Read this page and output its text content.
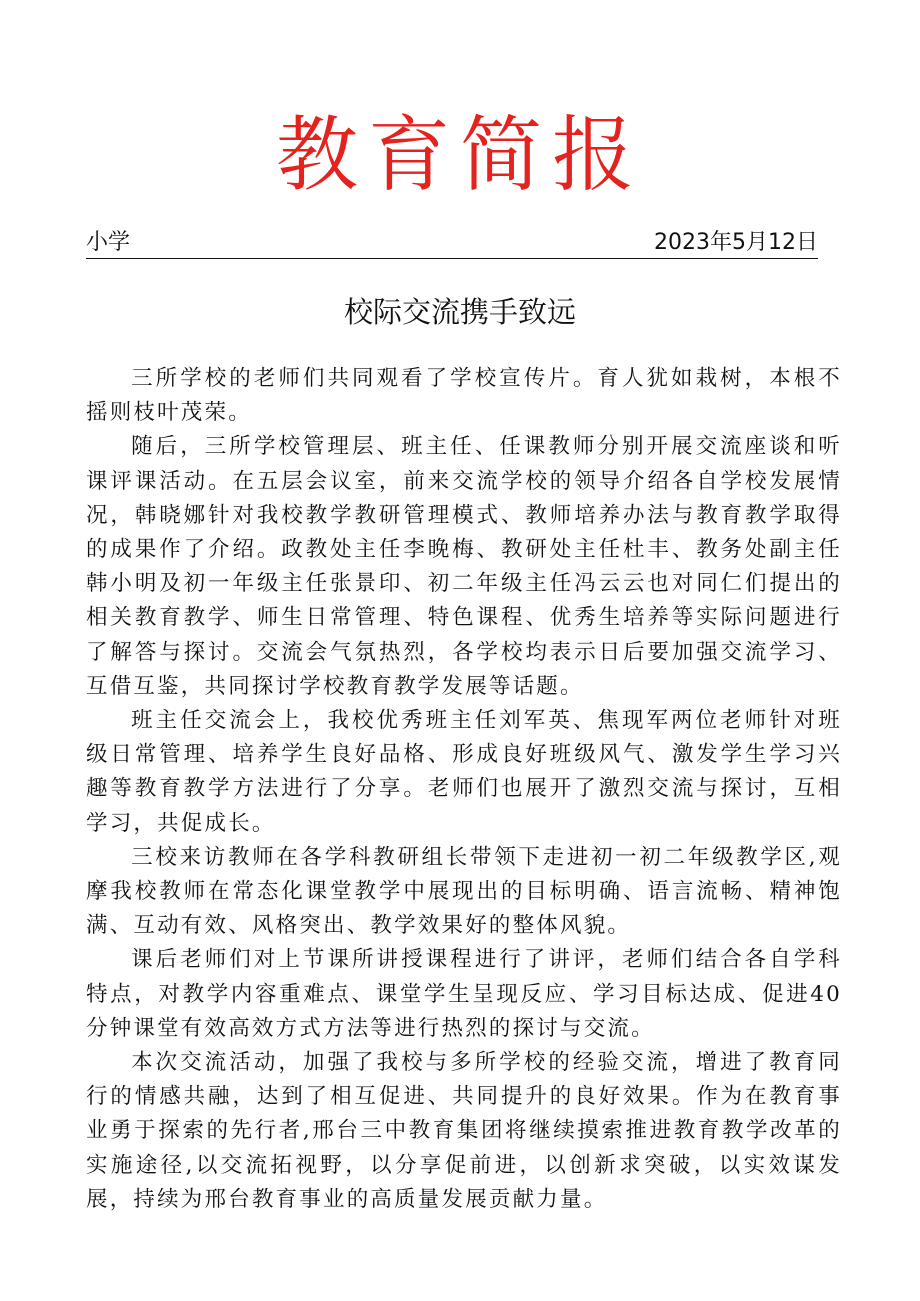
教育简报
小学	2023年5月12日
校际交流携手致远

三所学校的老师们共同观看了学校宣传片。育人犹如栽树，本根不摇则枝叶茂荣。

随后，三所学校管理层、班主任、任课教师分别开展交流座谈和听课评课活动。在五层会议室，前来交流学校的领导介绍各自学校发展情况，韩晓娜针对我校教学教研管理模式、教师培养办法与教育教学取得的成果作了介绍。政教处主任李晚梅、教研处主任杜丰、教务处副主任韩小明及初一年级主任张景印、初二年级主任冯云云也对同仁们提出的相关教育教学、师生日常管理、特色课程、优秀生培养等实际问题进行了解答与探讨。交流会气氛热烈，各学校均表示日后要加强交流学习、互借互鉴，共同探讨学校教育教学发展等话题。

班主任交流会上，我校优秀班主任刘军英、焦现军两位老师针对班级日常管理、培养学生良好品格、形成良好班级风气、激发学生学习兴趣等教育教学方法进行了分享。老师们也展开了激烈交流与探讨，互相学习，共促成长。

三校来访教师在各学科教研组长带领下走进初一初二年级教学区,观摩我校教师在常态化课堂教学中展现出的目标明确、语言流畅、精神饱满、互动有效、风格突出、教学效果好的整体风貌。

课后老师们对上节课所讲授课程进行了讲评，老师们结合各自学科特点，对教学内容重难点、课堂学生呈现反应、学习目标达成、促进40分钟课堂有效高效方式方法等进行热烈的探讨与交流。

本次交流活动，加强了我校与多所学校的经验交流，增进了教育同行的情感共融，达到了相互促进、共同提升的良好效果。作为在教育事业勇于探索的先行者,邢台三中教育集团将继续摸索推进教育教学改革的实施途径,以交流拓视野，以分享促前进，以创新求突破，以实效谋发展，持续为邢台教育事业的高质量发展贡献力量。
